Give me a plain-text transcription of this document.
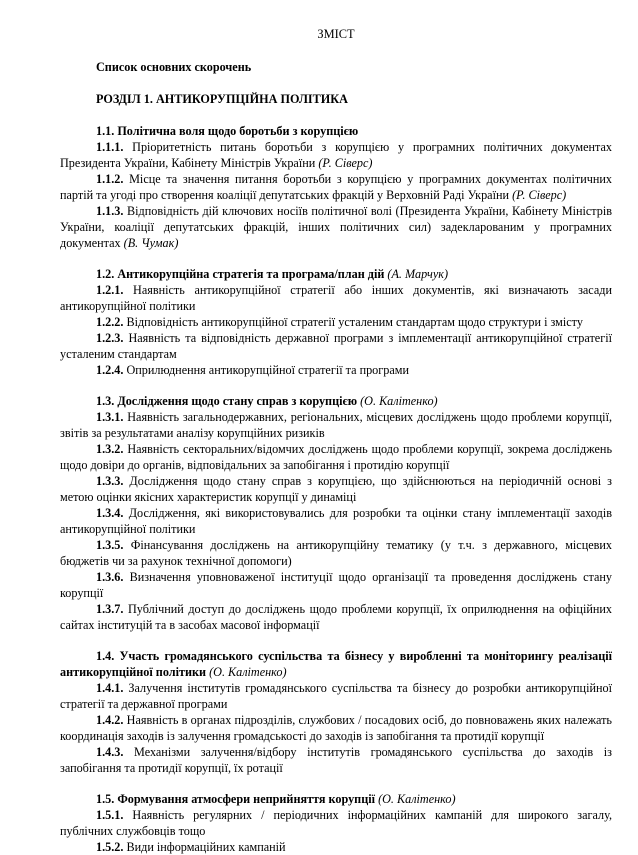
ЗМІСТ
Список основних скорочень
РОЗДІЛ 1. АНТИКОРУПЦІЙНА ПОЛІТИКА

1.1. Політична воля щодо боротьби з корупцією

1.1.1. Пріоритетність питань боротьби з корупцією у програмних політичних документах Президента України, Кабінету Міністрів України (Р. Сіверс)

1.1.2. Місце та значення питання боротьби з корупцією у програмних документах політичних партій та угоді про створення коаліції депутатських фракцій у Верховній Раді України (Р. Сіверс)

1.1.3. Відповідність дій ключових носіїв політичної волі (Президента України, Кабінету Міністрів України, коаліції депутатських фракцій, інших політичних сил) задекларованим у програмних документах (В. Чумак)

1.2. Антикорупційна стратегія та програма/план дій (А. Марчук)

1.2.1. Наявність антикорупційної стратегії або інших документів, які визначають засади антикорупційної політики

1.2.2. Відповідність антикорупційної стратегії усталеним стандартам щодо структури і змісту

1.2.3. Наявність та відповідність державної програми з імплементації антикорупційної стратегії усталеним стандартам

1.2.4. Оприлюднення антикорупційної стратегії та програми

1.3. Дослідження щодо стану справ з корупцією (О. Калітенко)

1.3.1. Наявність загальнодержавних, регіональних, місцевих досліджень щодо проблеми корупції, звітів за результатами аналізу корупційних ризиків

1.3.2. Наявність секторальних/відомчих досліджень щодо проблеми корупції, зокрема досліджень щодо довіри до органів, відповідальних за запобігання і протидію корупції

1.3.3. Дослідження щодо стану справ з корупцією, що здійснюються на періодичній основі з метою оцінки якісних характеристик корупції у динаміці

1.3.4. Дослідження, які використовувались для розробки та оцінки стану імплементації заходів антикорупційної політики

1.3.5. Фінансування досліджень на антикорупційну тематику (у т.ч. з державного, місцевих бюджетів чи за рахунок технічної допомоги)

1.3.6. Визначення уповноваженої інституції щодо організації та проведення досліджень стану корупції

1.3.7. Публічний доступ до досліджень щодо проблеми корупції, їх оприлюднення на офіційних сайтах інституцій та в засобах масової інформації

1.4. Участь громадянського суспільства та бізнесу у виробленні та моніторингу реалізації антикорупційної політики (О. Калітенко)

1.4.1. Залучення інститутів громадянського суспільства та бізнесу до розробки антикорупційної стратегії та державної програми

1.4.2. Наявність в органах підрозділів, службових / посадових осіб, до повноважень яких належать координація заходів із залучення громадськості до заходів із запобігання та протидії корупції

1.4.3. Механізми залучення/відбору інститутів громадянського суспільства до заходів із запобігання та протидії корупції, їх ротації

1.5. Формування атмосфери неприйняття корупції (О. Калітенко)

1.5.1. Наявність регулярних / періодичних інформаційних кампаній для широкого загалу, публічних службовців тощо

1.5.2. Види інформаційних кампаній
